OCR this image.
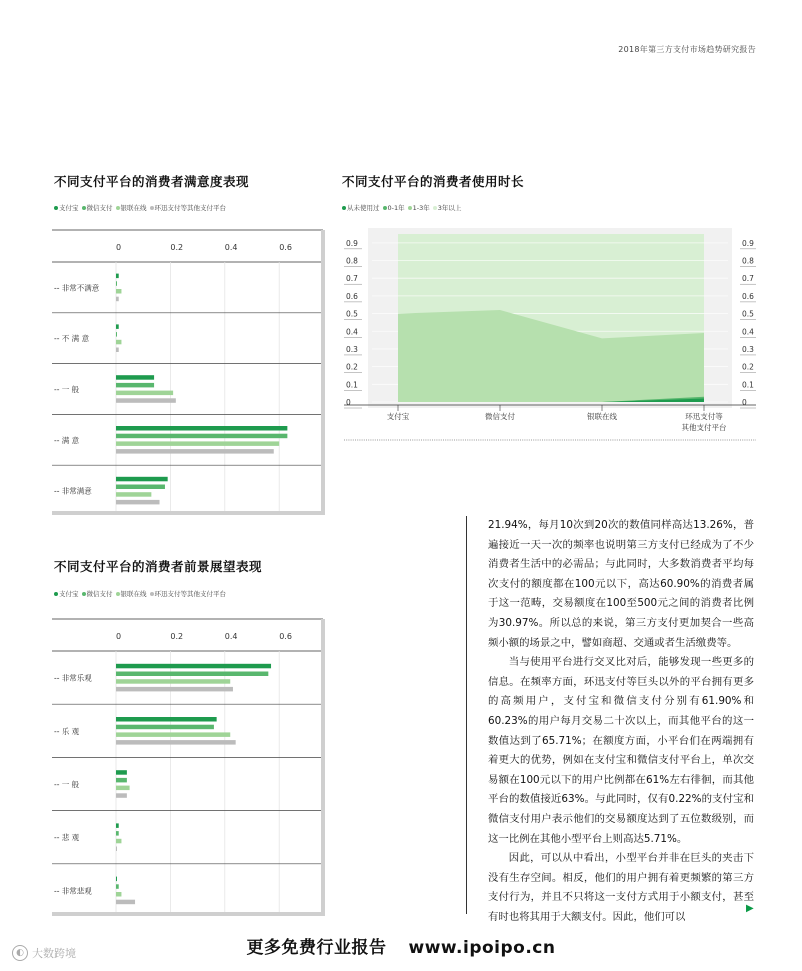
2018年第三方支付市场趋势研究报告
不同支付平台的消费者满意度表现
支付宝 微信支付 银联在线 环迅支付等其他支付平台
0	0.2	0.4	0.6
-- 非常不满意
-- 不 满 意
-- 一 般
-- 满 意
-- 非常满意
不同支付平台的消费者使用时长
从未使用过 0-1年 1-3年 3年以上
0	0
0.1	0.1
0.2	0.2
0.3	0.3
0.4	0.4
0.5	0.5
0.6	0.6
0.7	0.7
0.8	0.8
0.9	0.9
支付宝	微信支付	银联在线	环迅支付等
其他支付平台
不同支付平台的消费者前景展望表现
支付宝 微信支付 银联在线 环迅支付等其他支付平台
0	0.2	0.4	0.6
-- 非常乐观
-- 乐 观
-- 一 般
-- 悲 观
-- 非常悲观

21.94%，每月10次到20次的数值同样高达13.26%，普遍接近一天一次的频率也说明第三方支付已经成为了不少消费者生活中的必需品；与此同时，大多数消费者平均每次支付的额度都在100元以下，高达60.90%的消费者属于这一范畴，交易额度在100至500元之间的消费者比例为30.97%。所以总的来说，第三方支付更加契合一些高频小额的场景之中，譬如商超、交通或者生活缴费等。

当与使用平台进行交叉比对后，能够发现一些更多的信息。在频率方面，环迅支付等巨头以外的平台拥有更多的高频用户，支付宝和微信支付分别有61.90%和60.23%的用户每月交易二十次以上，而其他平台的这一数值达到了65.71%；在额度方面，小平台们在两端拥有着更大的优势，例如在支付宝和微信支付平台上，单次交易额在100元以下的用户比例都在61%左右徘徊，而其他平台的数值接近63%。与此同时，仅有0.22%的支付宝和微信支付用户表示他们的交易额度达到了五位数级别，而这一比例在其他小型平台上则高达5.71%。

因此，可以从中看出，小型平台并非在巨头的夹击下没有生存空间。相反，他们的用户拥有着更频繁的第三方支付行为，并且不只将这一支付方式用于小额支付，甚至有时也将其用于大额支付。因此，他们可以

▶
更多免费行业报告 www.ipoipo.cn
◐ 大数跨境
